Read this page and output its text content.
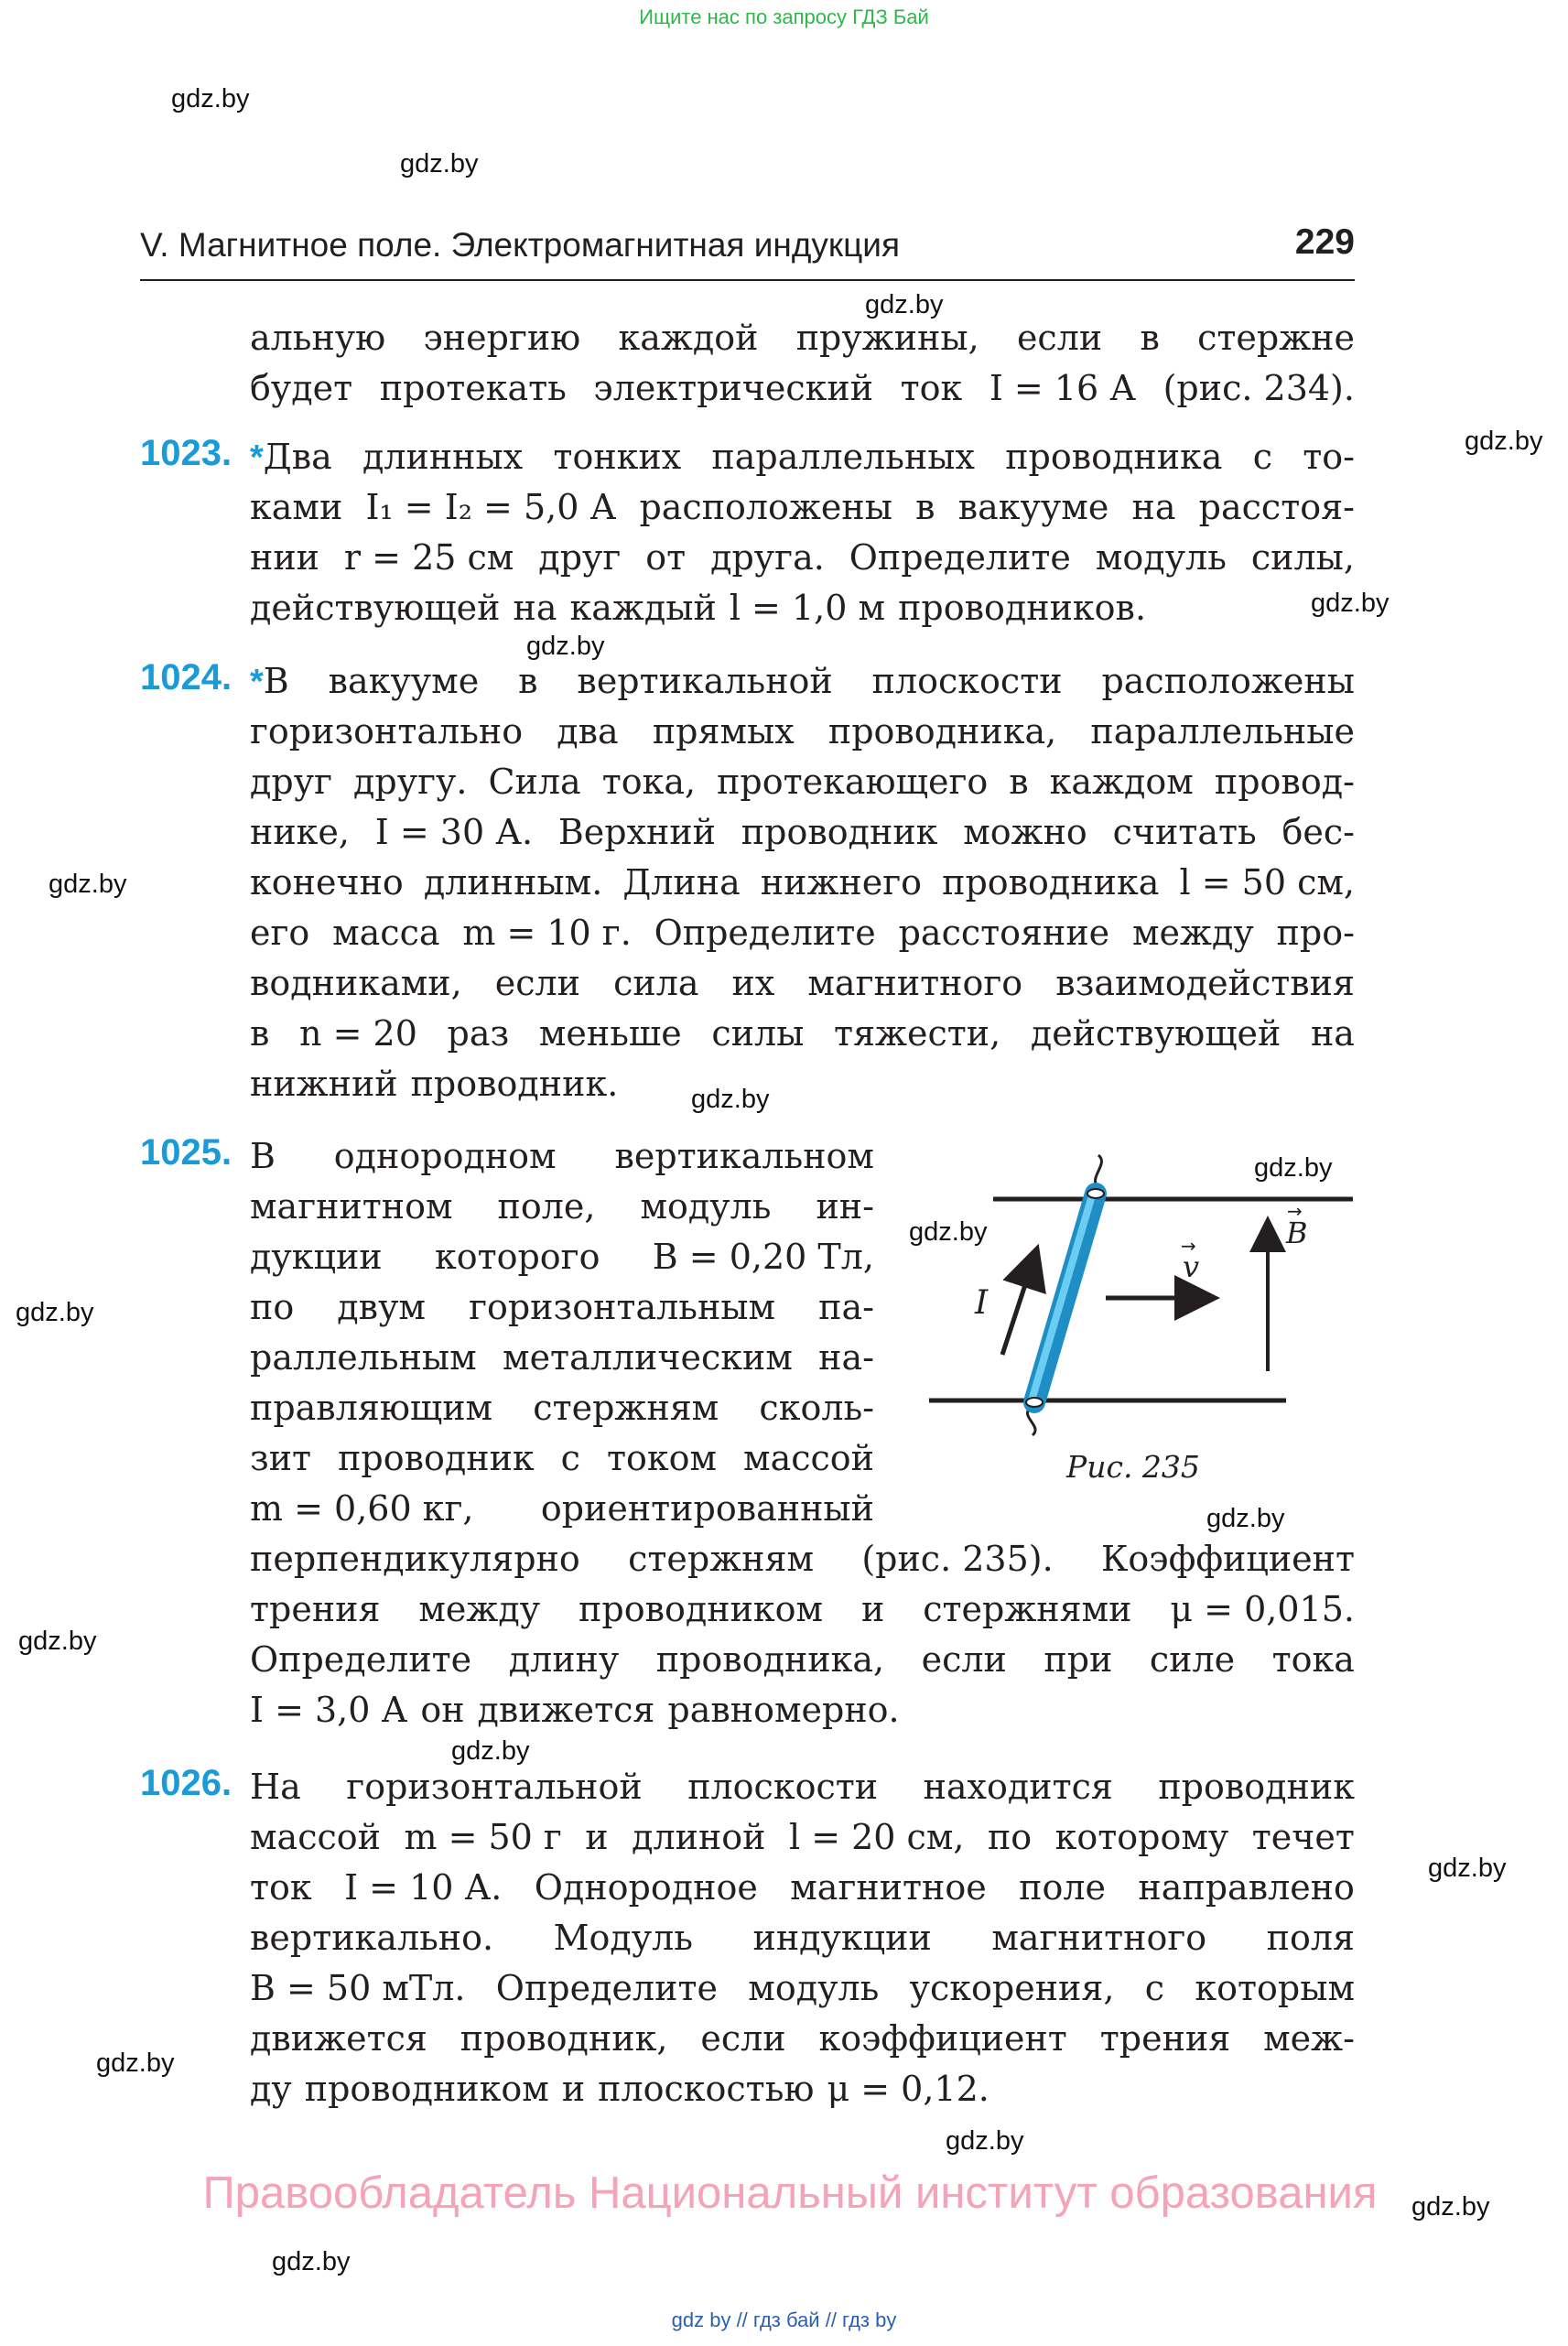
Ищите нас по запросу ГДЗ Бай
gdz.by
gdz.by
gdz.by
gdz.by
gdz.by
gdz.by
gdz.by
gdz.by
gdz.by
gdz.by
gdz.by
gdz.by
gdz.by
gdz.by
gdz.by
gdz.by
gdz.by
gdz.by
gdz.by
V. Магнитное поле. Электромагнитная индукция	229
альную энергию каждой пружины, если в стержне
будет протекать электрический ток I = 16 А (рис. 234).
1023. *Два длинных тонких параллельных проводника с то-
ками I₁ = I₂ = 5,0 А расположены в вакууме на расстоя-
нии r = 25 см друг от друга. Определите модуль силы,
действующей на каждый l = 1,0 м проводников.
1024. *В вакууме в вертикальной плоскости расположены
горизонтально два прямых проводника, параллельные
друг другу. Сила тока, протекающего в каждом провод-
нике, I = 30 А. Верхний проводник можно считать бес-
конечно длинным. Длина нижнего проводника l = 50 см,
его масса m = 10 г. Определите расстояние между про-
водниками, если сила их магнитного взаимодействия
в n = 20 раз меньше силы тяжести, действующей на
нижний проводник.
1025. В однородном вертикальном
магнитном поле, модуль ин-
дукции которого B = 0,20 Тл,
по двум горизонтальным па-
раллельным металлическим на-
правляющим стержням сколь-
зит проводник с током массой
m = 0,60 кг, ориентированный
перпендикулярно стержням (рис. 235). Коэффициент
трения между проводником и стержнями μ = 0,015.
Определите длину проводника, если при силе тока
I = 3,0 А он движется равномерно.
I
v
→	B
→
Рис. 235
1026. На горизонтальной плоскости находится проводник
массой m = 50 г и длиной l = 20 см, по которому течет
ток I = 10 А. Однородное магнитное поле направлено
вертикально. Модуль индукции магнитного поля
B = 50 мТл. Определите модуль ускорения, с которым
движется проводник, если коэффициент трения меж-
ду проводником и плоскостью μ = 0,12.
Правообладатель Национальный институт образования
gdz by // гдз бай // гдз by
